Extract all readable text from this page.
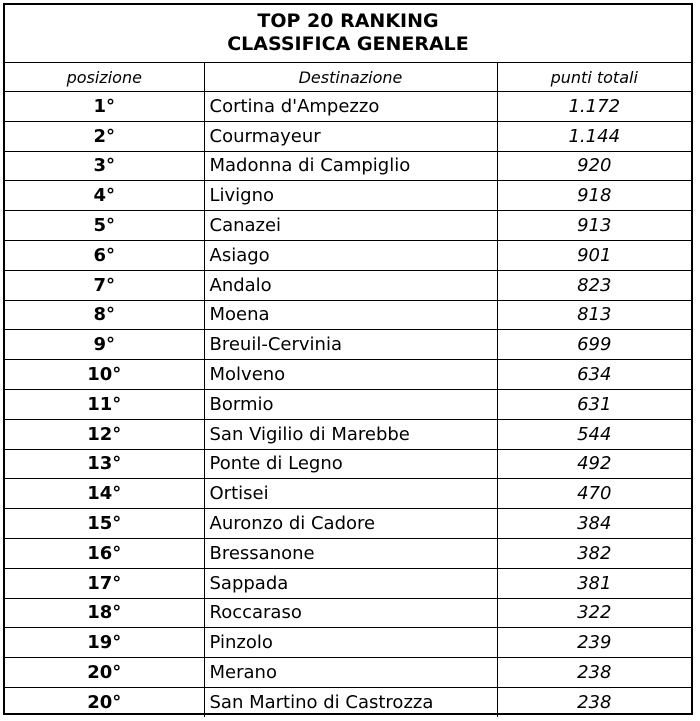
TOP 20 RANKING
CLASSIFICA GENERALE
posizione	Destinazione	punti totali
1°	Cortina d'Ampezzo	1.172
2°	Courmayeur	1.144
3°	Madonna di Campiglio	920
4°	Livigno	918
5°	Canazei	913
6°	Asiago	901
7°	Andalo	823
8°	Moena	813
9°	Breuil-Cervinia	699
10°	Molveno	634
11°	Bormio	631
12°	San Vigilio di Marebbe	544
13°	Ponte di Legno	492
14°	Ortisei	470
15°	Auronzo di Cadore	384
16°	Bressanone	382
17°	Sappada	381
18°	Roccaraso	322
19°	Pinzolo	239
20°	Merano	238
20°	San Martino di Castrozza	238
